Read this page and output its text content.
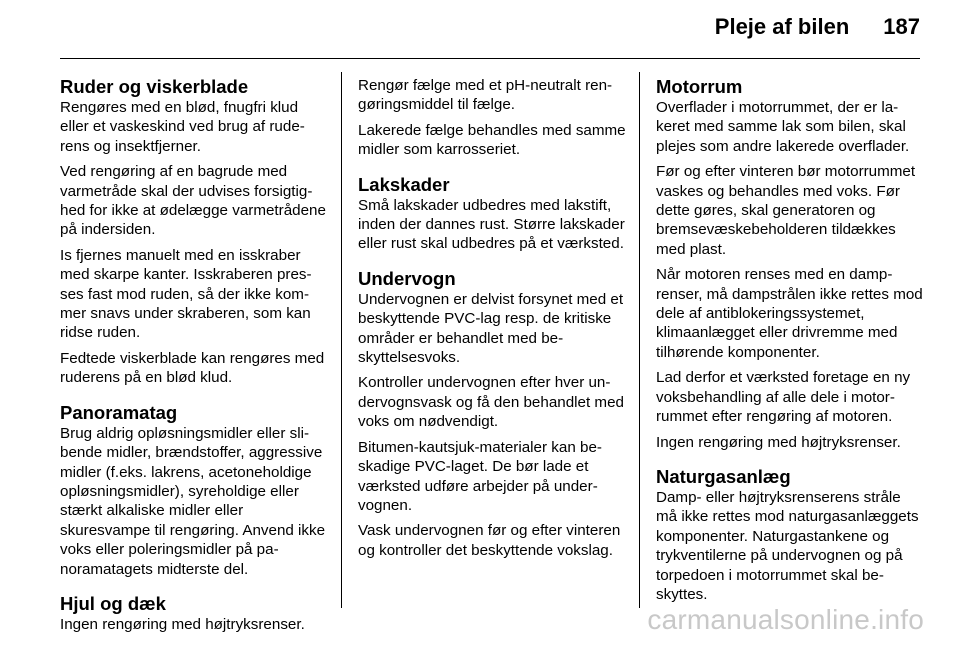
Pleje af bilen 187
Ruder og viskerblade

Rengøres med en blød, fnugfri klud eller et vaskeskind ved brug af ruderens og insektfjerner.

Ved rengøring af en bagrude med varmetråde skal der udvises forsigtighed for ikke at ødelægge varmetrådene på indersiden.

Is fjernes manuelt med en isskraber med skarpe kanter. Isskraberen presses fast mod ruden, så der ikke kommer snavs under skraberen, som kan ridse ruden.

Fedtede viskerblade kan rengøres med ruderens på en blød klud.

Panoramatag

Brug aldrig opløsningsmidler eller slibende midler, brændstoffer, aggressive midler (f.eks. lakrens, acetoneholdige opløsningsmidler), syreholdige eller stærkt alkaliske midler eller skuresvampe til rengøring. Anvend ikke voks eller poleringsmidler på panoramatagets midterste del.

Hjul og dæk

Ingen rengøring med højtryksrenser.

Rengør fælge med et pH-neutralt rengøringsmiddel til fælge.

Lakerede fælge behandles med samme midler som karrosseriet.

Lakskader

Små lakskader udbedres med lakstift, inden der dannes rust. Større lakskader eller rust skal udbedres på et værksted.

Undervogn

Undervognen er delvist forsynet med et beskyttende PVC-lag resp. de kritiske områder er behandlet med beskyttelsesvoks.

Kontroller undervognen efter hver undervognsvask og få den behandlet med voks om nødvendigt.

Bitumen-kautsjuk-materialer kan beskadige PVC-laget. De bør lade et værksted udføre arbejder på undervognen.

Vask undervognen før og efter vinteren og kontroller det beskyttende vokslag.

Motorrum

Overflader i motorrummet, der er lakeret med samme lak som bilen, skal plejes som andre lakerede overflader.

Før og efter vinteren bør motorrummet vaskes og behandles med voks. Før dette gøres, skal generatoren og bremsevæskebeholderen tildækkes med plast.

Når motoren renses med en damprenser, må dampstrålen ikke rettes mod dele af antiblokeringssystemet, klimaanlægget eller drivremme med tilhørende komponenter.

Lad derfor et værksted foretage en ny voksbehandling af alle dele i motorrummet efter rengøring af motoren.

Ingen rengøring med højtryksrenser.

Naturgasanlæg

Damp- eller højtryksrenserens stråle må ikke rettes mod naturgasanlæggets komponenter. Naturgastankene og trykventilerne på undervognen og på torpedoen i motorrummet skal beskyttes.

carmanualsonline.info
